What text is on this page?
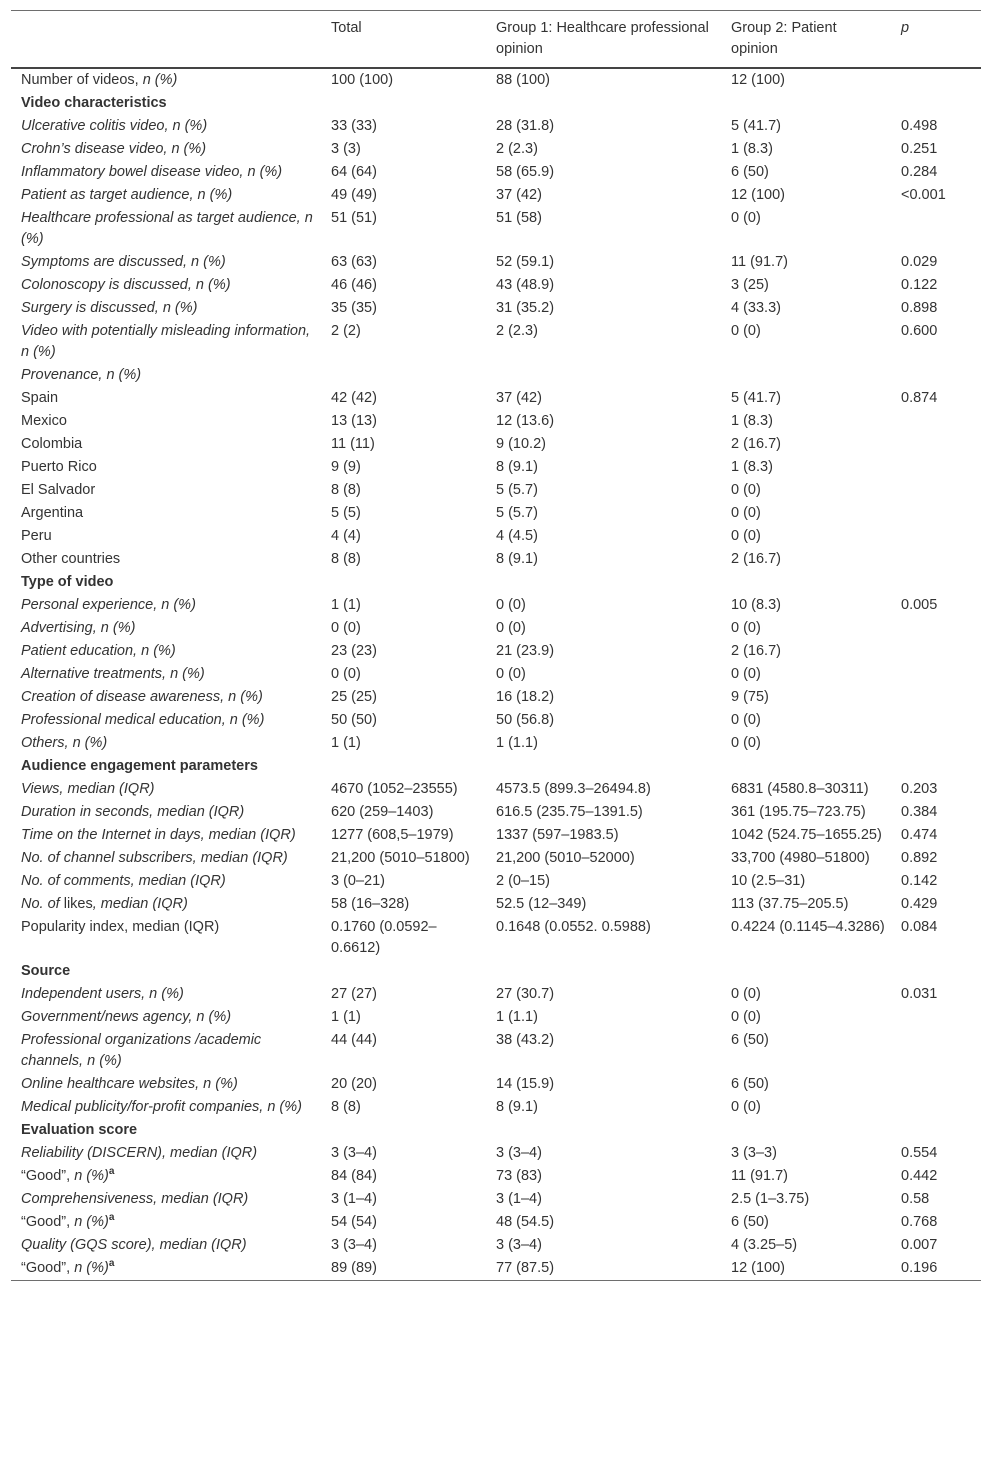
	Total	Group 1: Healthcare professional opinion	Group 2: Patient opinion	p
Number of videos, n (%)	100 (100)	88 (100)	12 (100)	
Video characteristics				
Ulcerative colitis video, n (%)	33 (33)	28 (31.8)	5 (41.7)	0.498
Crohn’s disease video, n (%)	3 (3)	2 (2.3)	1 (8.3)	0.251
Inflammatory bowel disease video, n (%)	64 (64)	58 (65.9)	6 (50)	0.284
Patient as target audience, n (%)	49 (49)	37 (42)	12 (100)	<0.001
Healthcare professional as target audience, n (%)	51 (51)	51 (58)	0 (0)	
Symptoms are discussed, n (%)	63 (63)	52 (59.1)	11 (91.7)	0.029
Colonoscopy is discussed, n (%)	46 (46)	43 (48.9)	3 (25)	0.122
Surgery is discussed, n (%)	35 (35)	31 (35.2)	4 (33.3)	0.898
Video with potentially misleading information, n (%)	2 (2)	2 (2.3)	0 (0)	0.600
Provenance, n (%)				
Spain	42 (42)	37 (42)	5 (41.7)	0.874
Mexico	13 (13)	12 (13.6)	1 (8.3)	
Colombia	11 (11)	9 (10.2)	2 (16.7)	
Puerto Rico	9 (9)	8 (9.1)	1 (8.3)	
El Salvador	8 (8)	5 (5.7)	0 (0)	
Argentina	5 (5)	5 (5.7)	0 (0)	
Peru	4 (4)	4 (4.5)	0 (0)	
Other countries	8 (8)	8 (9.1)	2 (16.7)	
Type of video				
Personal experience, n (%)	1 (1)	0 (0)	10 (8.3)	0.005
Advertising, n (%)	0 (0)	0 (0)	0 (0)	
Patient education, n (%)	23 (23)	21 (23.9)	2 (16.7)	
Alternative treatments, n (%)	0 (0)	0 (0)	0 (0)	
Creation of disease awareness, n (%)	25 (25)	16 (18.2)	9 (75)	
Professional medical education, n (%)	50 (50)	50 (56.8)	0 (0)	
Others, n (%)	1 (1)	1 (1.1)	0 (0)	
Audience engagement parameters				
Views, median (IQR)	4670 (1052–23555)	4573.5 (899.3–26494.8)	6831 (4580.8–30311)	0.203
Duration in seconds, median (IQR)	620 (259–1403)	616.5 (235.75–1391.5)	361 (195.75–723.75)	0.384
Time on the Internet in days, median (IQR)	1277 (608,5–1979)	1337 (597–1983.5)	1042 (524.75–1655.25)	0.474
No. of channel subscribers, median (IQR)	21,200 (5010–51800)	21,200 (5010–52000)	33,700 (4980–51800)	0.892
No. of comments, median (IQR)	3 (0–21)	2 (0–15)	10 (2.5–31)	0.142
No. of likes, median (IQR)	58 (16–328)	52.5 (12–349)	113 (37.75–205.5)	0.429
Popularity index, median (IQR)	0.1760 (0.0592–0.6612)	0.1648 (0.0552. 0.5988)	0.4224 (0.1145–4.3286)	0.084
Source				
Independent users, n (%)	27 (27)	27 (30.7)	0 (0)	0.031
Government/news agency, n (%)	1 (1)	1 (1.1)	0 (0)	
Professional organizations /academic channels, n (%)	44 (44)	38 (43.2)	6 (50)	
Online healthcare websites, n (%)	20 (20)	14 (15.9)	6 (50)	
Medical publicity/for-profit companies, n (%)	8 (8)	8 (9.1)	0 (0)	
Evaluation score				
Reliability (DISCERN), median (IQR)	3 (3–4)	3 (3–4)	3 (3–3)	0.554
“Good”, n (%)$^a$	84 (84)	73 (83)	11 (91.7)	0.442
Comprehensiveness, median (IQR)	3 (1–4)	3 (1–4)	2.5 (1–3.75)	0.58
“Good”, n (%)$^a$	54 (54)	48 (54.5)	6 (50)	0.768
Quality (GQS score), median (IQR)	3 (3–4)	3 (3–4)	4 (3.25–5)	0.007
“Good”, n (%)$^a$	89 (89)	77 (87.5)	12 (100)	0.196
